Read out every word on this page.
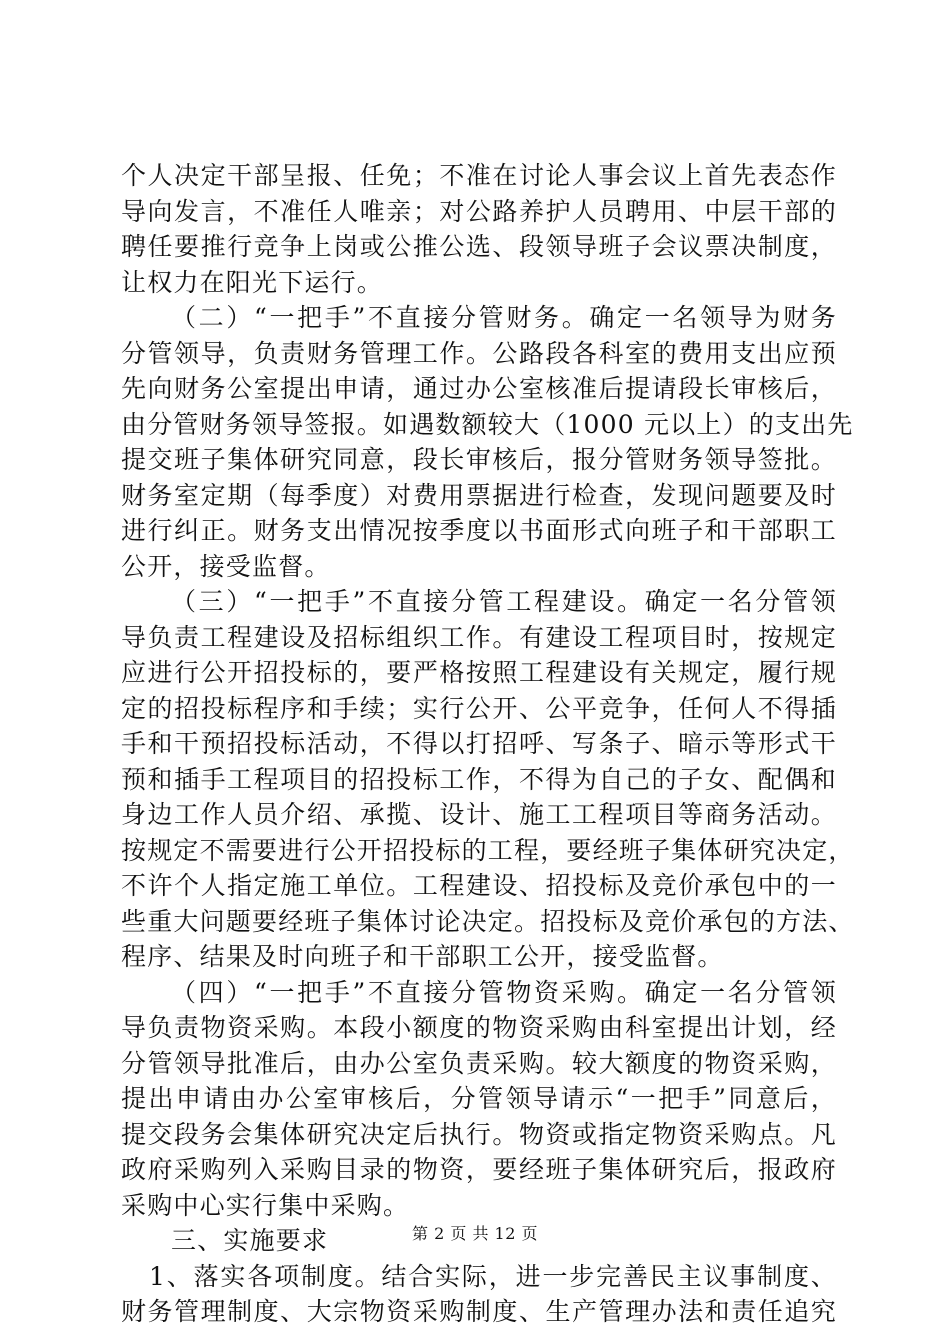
个人决定干部呈报、任免；不准在讨论人事会议上首先表态作
导向发言，不准任人唯亲；对公路养护人员聘用、中层干部的
聘任要推行竞争上岗或公推公选、段领导班子会议票决制度，
让权力在阳光下运行。
（二）“一把手”不直接分管财务。确定一名领导为财务
分管领导，负责财务管理工作。公路段各科室的费用支出应预
先向财务公室提出申请，通过办公室核准后提请段长审核后，
由分管财务领导签报。如遇数额较大（1000 元以上）的支出先
提交班子集体研究同意，段长审核后，报分管财务领导签批。
财务室定期（每季度）对费用票据进行检查，发现问题要及时
进行纠正。财务支出情况按季度以书面形式向班子和干部职工
公开，接受监督。
（三）“一把手”不直接分管工程建设。确定一名分管领
导负责工程建设及招标组织工作。有建设工程项目时，按规定
应进行公开招投标的，要严格按照工程建设有关规定，履行规
定的招投标程序和手续；实行公开、公平竞争，任何人不得插
手和干预招投标活动，不得以打招呼、写条子、暗示等形式干
预和插手工程项目的招投标工作，不得为自己的子女、配偶和
身边工作人员介绍、承揽、设计、施工工程项目等商务活动。
按规定不需要进行公开招投标的工程，要经班子集体研究决定，
不许个人指定施工单位。工程建设、招投标及竞价承包中的一
些重大问题要经班子集体讨论决定。招投标及竞价承包的方法、
程序、结果及时向班子和干部职工公开，接受监督。
（四）“一把手”不直接分管物资采购。确定一名分管领
导负责物资采购。本段小额度的物资采购由科室提出计划，经
分管领导批准后，由办公室负责采购。较大额度的物资采购，
提出申请由办公室审核后，分管领导请示“一把手”同意后，
提交段务会集体研究决定后执行。物资或指定物资采购点。凡
政府采购列入采购目录的物资，要经班子集体研究后，报政府
采购中心实行集中采购。
三、实施要求
1、落实各项制度。结合实际，进一步完善民主议事制度、
财务管理制度、大宗物资采购制度、生产管理办法和责任追究
第 2 页 共 12 页
